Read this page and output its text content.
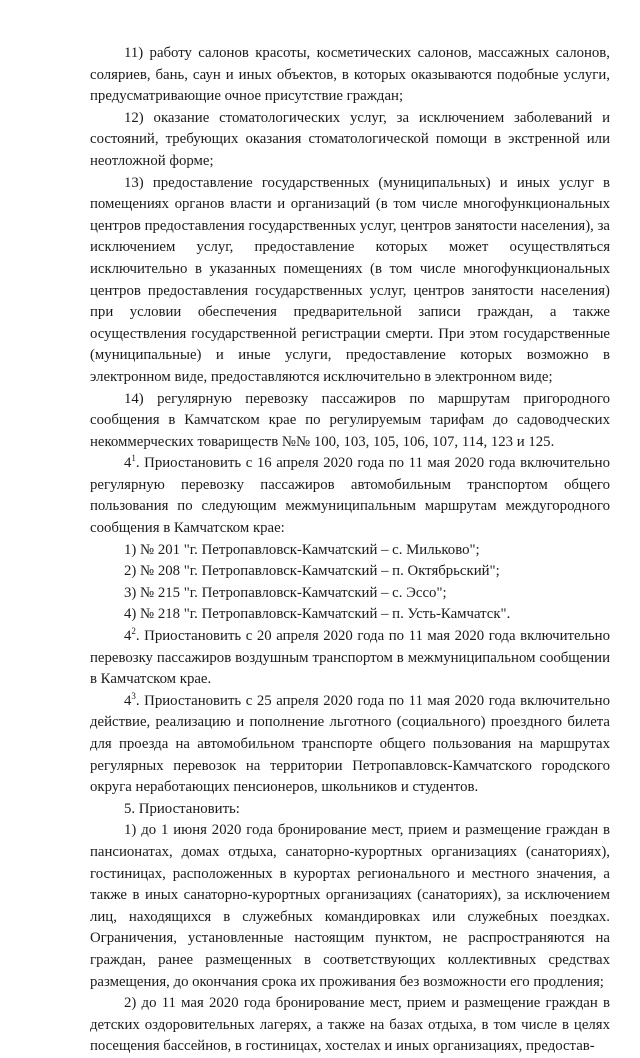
11) работу салонов красоты, косметических салонов, массажных салонов, соляриев, бань, саун и иных объектов, в которых оказываются подобные услуги, предусматривающие очное присутствие граждан;

12) оказание стоматологических услуг, за исключением заболеваний и состояний, требующих оказания стоматологической помощи в экстренной или неотложной форме;

13) предоставление государственных (муниципальных) и иных услуг в помещениях органов власти и организаций (в том числе многофункциональных центров предоставления государственных услуг, центров занятости населения), за исключением услуг, предоставление которых может осуществляться исключительно в указанных помещениях (в том числе многофункциональных центров предоставления государственных услуг, центров занятости населения) при условии обеспечения предварительной записи граждан, а также осуществления государственной регистрации смерти. При этом государственные (муниципальные) и иные услуги, предоставление которых возможно в электронном виде, предоставляются исключительно в электронном виде;

14) регулярную перевозку пассажиров по маршрутам пригородного сообщения в Камчатском крае по регулируемым тарифам до садоводческих некоммерческих товариществ №№ 100, 103, 105, 106, 107, 114, 123 и 125.

$4^1$. Приостановить с 16 апреля 2020 года по 11 мая 2020 года включительно регулярную перевозку пассажиров автомобильным транспортом общего пользования по следующим межмуниципальным маршрутам междугородного сообщения в Камчатском крае:

1) № 201 "г. Петропавловск-Камчатский – с. Мильково";

2) № 208 "г. Петропавловск-Камчатский – п. Октябрьский";

3) № 215 "г. Петропавловск-Камчатский – с. Эссо";

4) № 218 "г. Петропавловск-Камчатский – п. Усть-Камчатск".

$4^2$. Приостановить с 20 апреля 2020 года по 11 мая 2020 года включительно перевозку пассажиров воздушным транспортом в межмуниципальном сообщении в Камчатском крае.

$4^3$. Приостановить с 25 апреля 2020 года по 11 мая 2020 года включительно действие, реализацию и пополнение льготного (социального) проездного билета для проезда на автомобильном транспорте общего пользования на маршрутах регулярных перевозок на территории Петропавловск-Камчатского городского округа неработающих пенсионеров, школьников и студентов.

5. Приостановить:

1) до 1 июня 2020 года бронирование мест, прием и размещение граждан в пансионатах, домах отдыха, санаторно-курортных организациях (санаториях), гостиницах, расположенных в курортах регионального и местного значения, а также в иных санаторно-курортных организациях (санаториях), за исключением лиц, находящихся в служебных командировках или служебных поездках. Ограничения, установленные настоящим пунктом, не распространяются на граждан, ранее размещенных в соответствующих коллективных средствах размещения, до окончания срока их проживания без возможности его продления;

2) до 11 мая 2020 года бронирование мест, прием и размещение граждан в детских оздоровительных лагерях, а также на базах отдыха, в том числе в целях посещения бассейнов, в гостиницах, хостелах и иных организациях, предостав-
